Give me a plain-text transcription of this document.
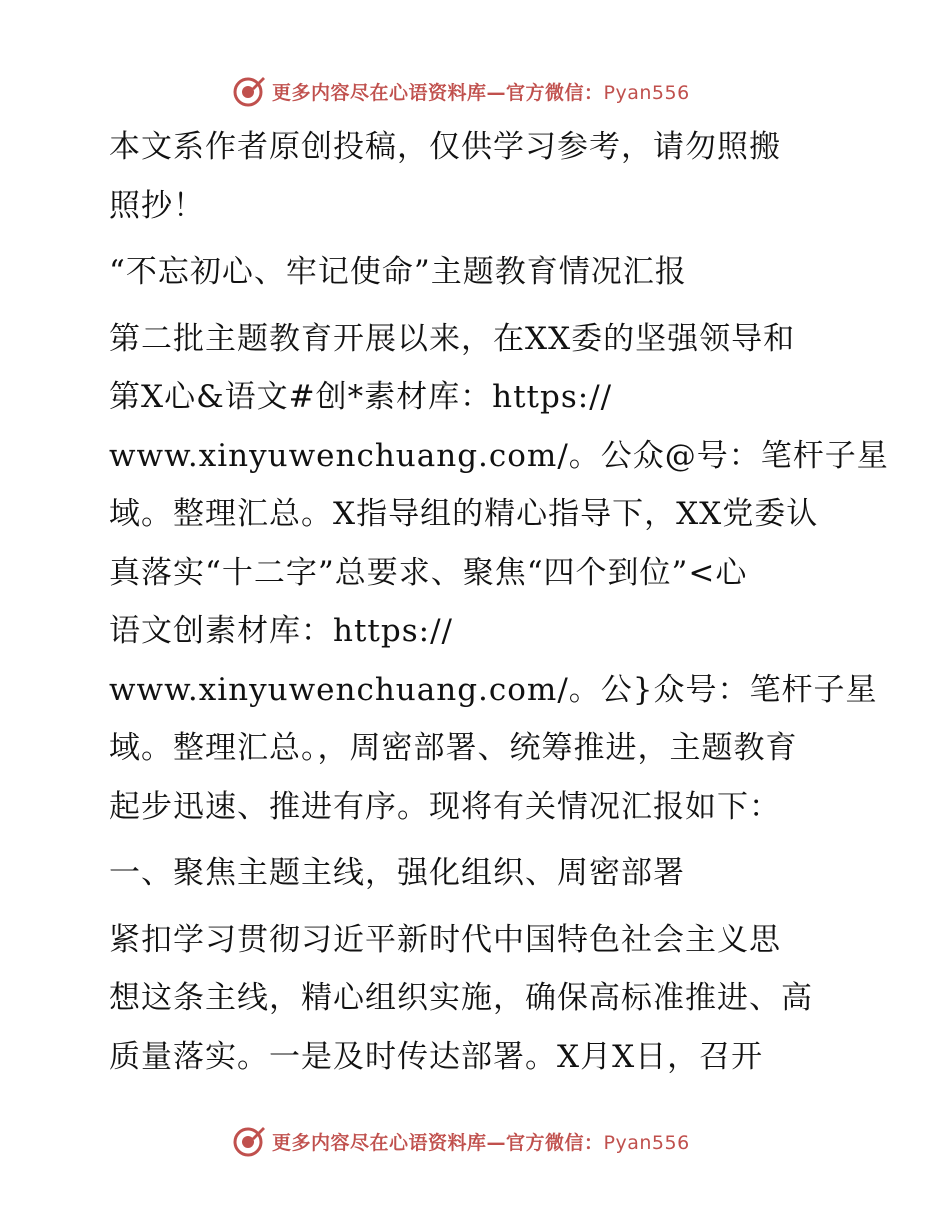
更多内容尽在心语资料库—官方微信：Pyan556

本文系作者原创投稿，仅供学习参考，请勿照搬
照抄！

“不忘初心、牢记使命”主题教育情况汇报

第二批主题教育开展以来，在XX委的坚强领导和
第X心&语文#创*素材库：https://
www.xinyuwenchuang.com/。公众@号：笔杆子星
域。整理汇总。X指导组的精心指导下，XX党委认
真落实“十二字”总要求、聚焦“四个到位”<心
语文创素材库：https://
www.xinyuwenchuang.com/。公}众号：笔杆子星
域。整理汇总。，周密部署、统筹推进，主题教育
起步迅速、推进有序。现将有关情况汇报如下：

一、聚焦主题主线，强化组织、周密部署

紧扣学习贯彻习近平新时代中国特色社会主义思
想这条主线，精心组织实施，确保高标准推进、高
质量落实。一是及时传达部署。X月X日，召开

更多内容尽在心语资料库—官方微信：Pyan556
